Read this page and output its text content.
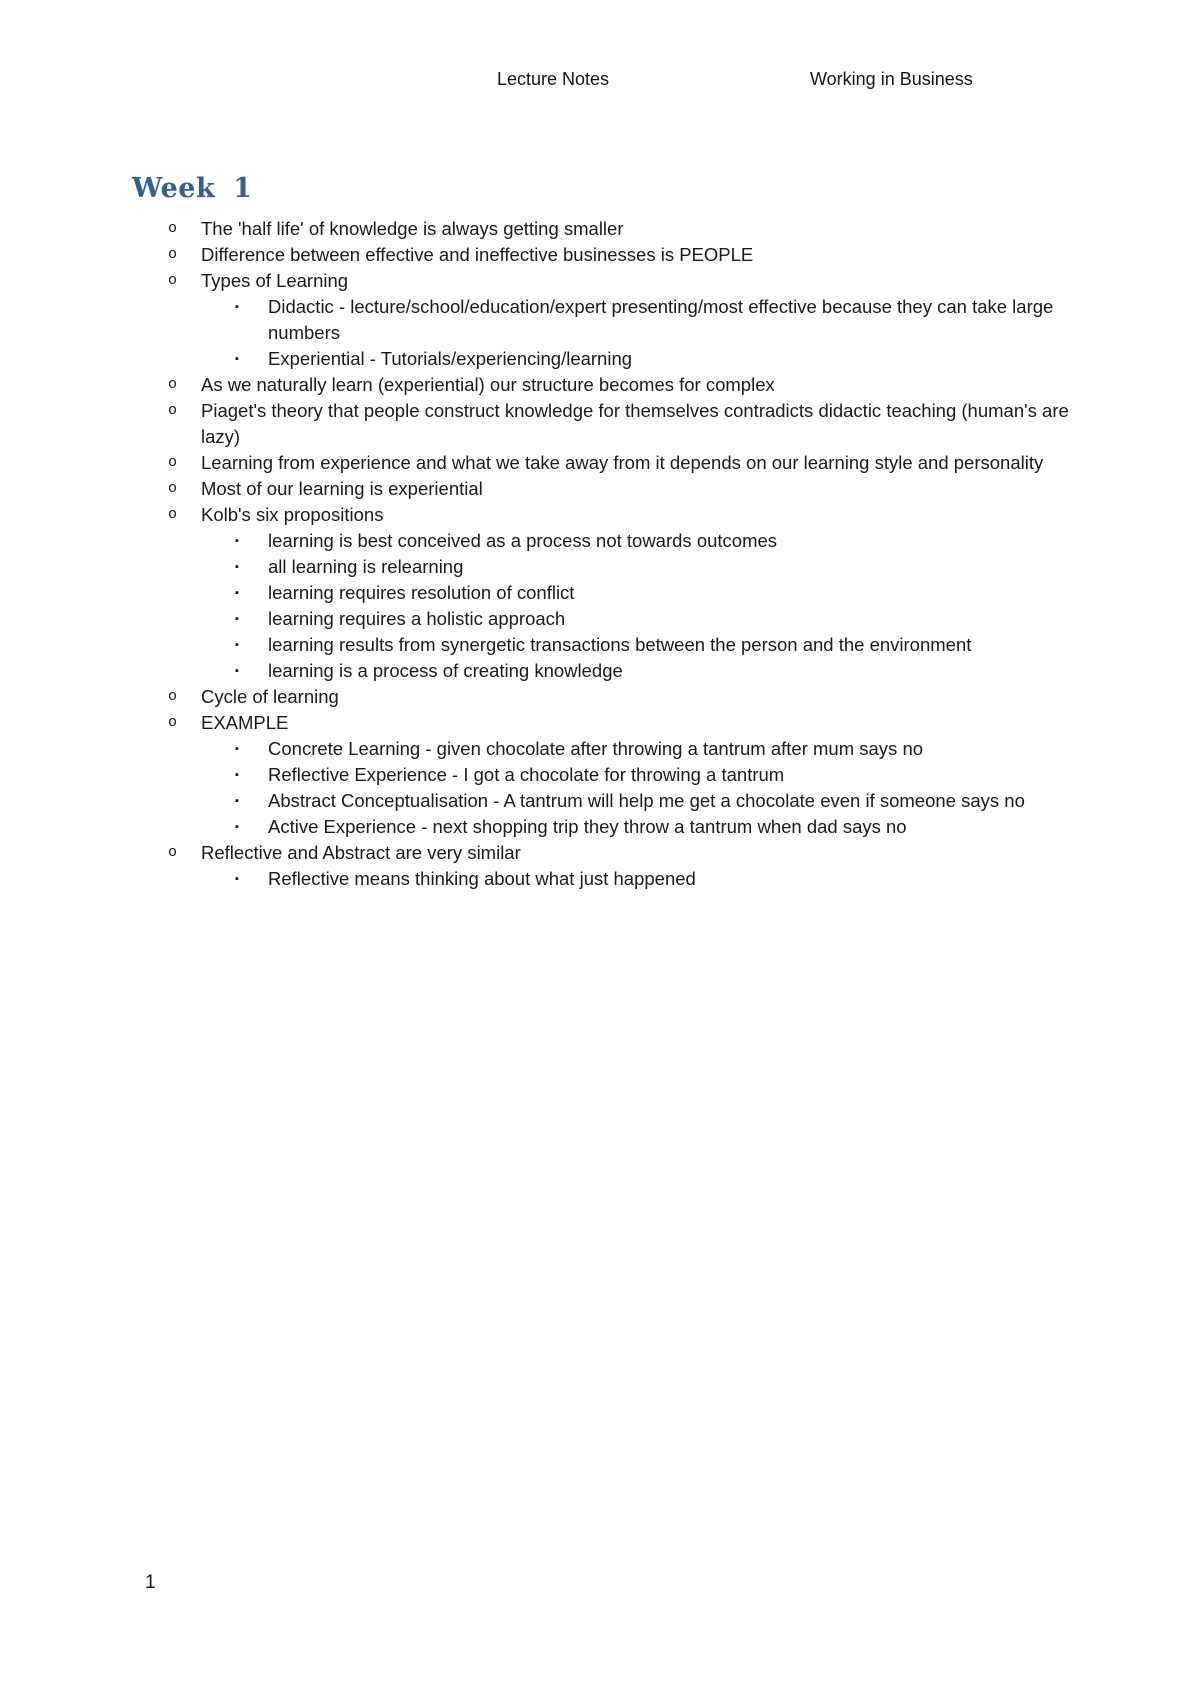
Lecture Notes	Working in Business
Week 1
o	The 'half life' of knowledge is always getting smaller
o	Difference between effective and ineffective businesses is PEOPLE
o	Types of Learning
▪	Didactic - lecture/school/education/expert presenting/most effective because they can take large numbers
▪	Experiential - Tutorials/experiencing/learning
o	As we naturally learn (experiential) our structure becomes for complex
o	Piaget's theory that people construct knowledge for themselves contradicts didactic teaching (human's are lazy)
o	Learning from experience and what we take away from it depends on our learning style and personality
o	Most of our learning is experiential
o	Kolb's six propositions
▪	learning is best conceived as a process not towards outcomes
▪	all learning is relearning
▪	learning requires resolution of conflict
▪	learning requires a holistic approach
▪	learning results from synergetic transactions between the person and the environment
▪	learning is a process of creating knowledge
o	Cycle of learning
o	EXAMPLE
▪	Concrete Learning - given chocolate after throwing a tantrum after mum says no
▪	Reflective Experience - I got a chocolate for throwing a tantrum
▪	Abstract Conceptualisation - A tantrum will help me get a chocolate even if someone says no
▪	Active Experience - next shopping trip they throw a tantrum when dad says no
o	Reflective and Abstract are very similar
▪	Reflective means thinking about what just happened
1
